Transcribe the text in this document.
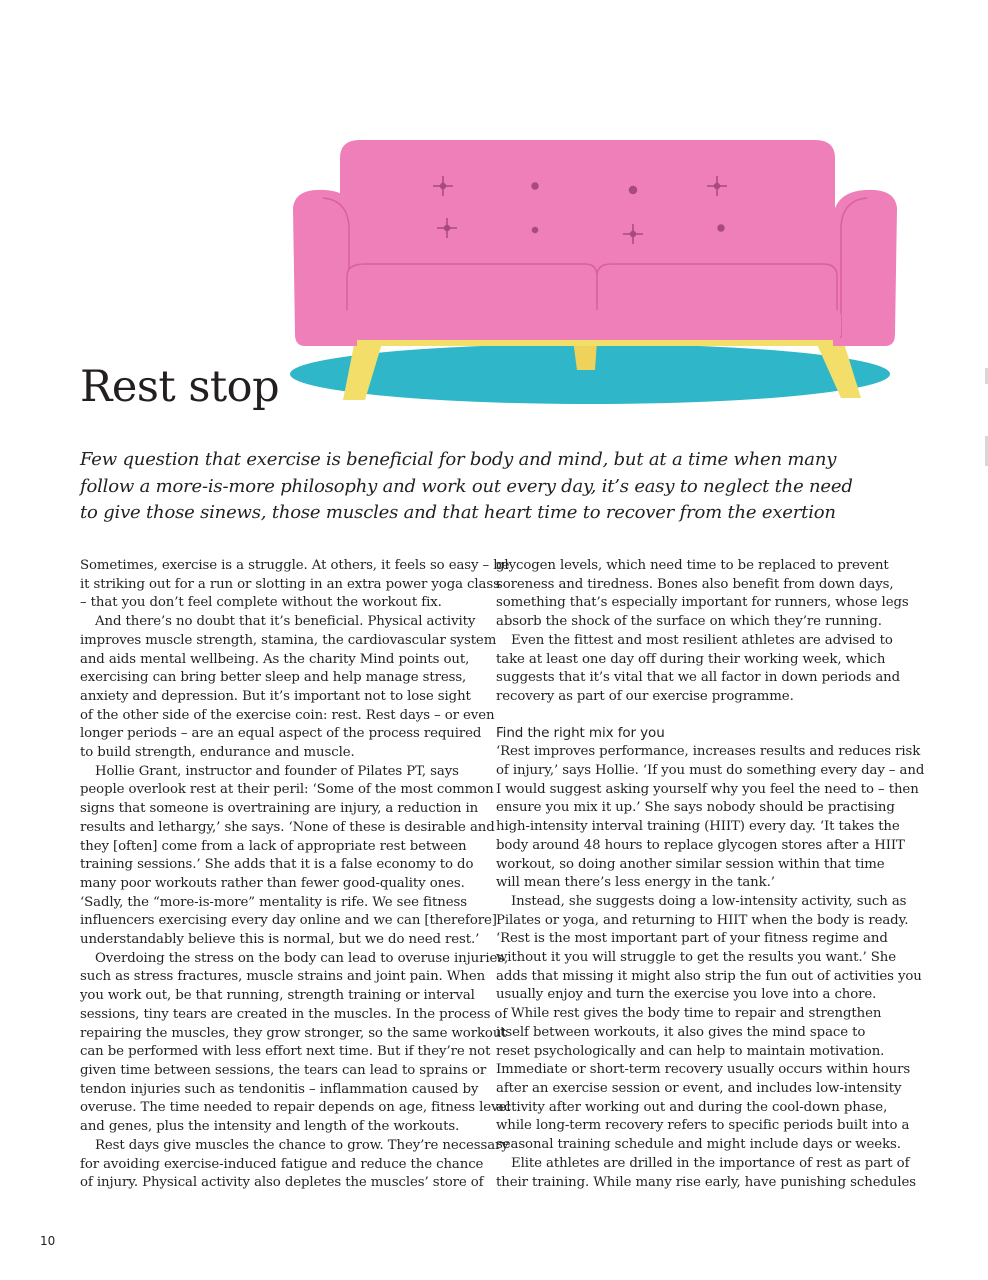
Rest stop
Few question that exercise is beneficial for body and mind, but at a time when many
follow a more-is-more philosophy and work out every day, it’s easy to neglect the need
to give those sinews, those muscles and that heart time to recover from the exertion

Sometimes, exercise is a struggle. At others, it feels so easy – be

it striking out for a run or slotting in an extra power yoga class

– that you don’t feel complete without the workout fix.

And there’s no doubt that it’s beneficial. Physical activity

improves muscle strength, stamina, the cardiovascular system

and aids mental wellbeing. As the charity Mind points out,

exercising can bring better sleep and help manage stress,

anxiety and depression. But it’s important not to lose sight

of the other side of the exercise coin: rest. Rest days – or even

longer periods – are an equal aspect of the process required

to build strength, endurance and muscle.

Hollie Grant, instructor and founder of Pilates PT, says

people overlook rest at their peril: ‘Some of the most common

signs that someone is overtraining are injury, a reduction in

results and lethargy,’ she says. ‘None of these is desirable and

they [often] come from a lack of appropriate rest between

training sessions.’ She adds that it is a false economy to do

many poor workouts rather than fewer good-quality ones.

‘Sadly, the “more-is-more” mentality is rife. We see fitness

influencers exercising every day online and we can [therefore]

understandably believe this is normal, but we do need rest.’

Overdoing the stress on the body can lead to overuse injuries,

such as stress fractures, muscle strains and joint pain. When

you work out, be that running, strength training or interval

sessions, tiny tears are created in the muscles. In the process of

repairing the muscles, they grow stronger, so the same workout

can be performed with less effort next time. But if they’re not

given time between sessions, the tears can lead to sprains or

tendon injuries such as tendonitis – inflammation caused by

overuse. The time needed to repair depends on age, fitness level

and genes, plus the intensity and length of the workouts.

Rest days give muscles the chance to grow. They’re necessary

for avoiding exercise-induced fatigue and reduce the chance

of injury. Physical activity also depletes the muscles’ store of

glycogen levels, which need time to be replaced to prevent

soreness and tiredness. Bones also benefit from down days,

something that’s especially important for runners, whose legs

absorb the shock of the surface on which they’re running.

Even the fittest and most resilient athletes are advised to

take at least one day off during their working week, which

suggests that it’s vital that we all factor in down periods and

recovery as part of our exercise programme.

Find the right mix for you

‘Rest improves performance, increases results and reduces risk

of injury,’ says Hollie. ‘If you must do something every day – and

I would suggest asking yourself why you feel the need to – then

ensure you mix it up.’ She says nobody should be practising

high-intensity interval training (HIIT) every day. ‘It takes the

body around 48 hours to replace glycogen stores after a HIIT

workout, so doing another similar session within that time

will mean there’s less energy in the tank.’

Instead, she suggests doing a low-intensity activity, such as

Pilates or yoga, and returning to HIIT when the body is ready.

‘Rest is the most important part of your fitness regime and

without it you will struggle to get the results you want.’ She

adds that missing it might also strip the fun out of activities you

usually enjoy and turn the exercise you love into a chore.

While rest gives the body time to repair and strengthen

itself between workouts, it also gives the mind space to

reset psychologically and can help to maintain motivation.

Immediate or short-term recovery usually occurs within hours

after an exercise session or event, and includes low-intensity

activity after working out and during the cool-down phase,

while long-term recovery refers to specific periods built into a

seasonal training schedule and might include days or weeks.

Elite athletes are drilled in the importance of rest as part of

their training. While many rise early, have punishing schedules

10
